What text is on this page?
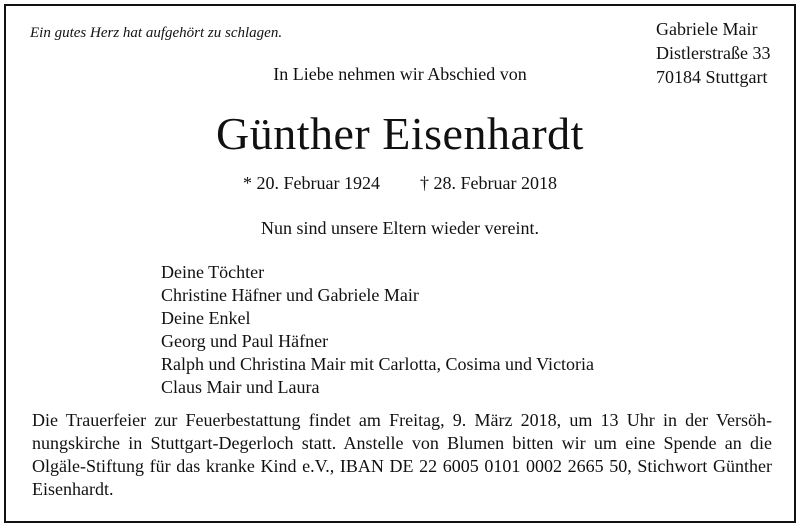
Ein gutes Herz hat aufgehört zu schlagen.	Gabriele Mair
Distlerstraße 33
70184 Stuttgart
In Liebe nehmen wir Abschied von
Günther Eisenhardt
* 20. Februar 1924 † 28. Februar 2018
Nun sind unsere Eltern wieder vereint.
Deine Töchter
Christine Häfner und Gabriele Mair
Deine Enkel
Georg und Paul Häfner
Ralph und Christina Mair mit Carlotta, Cosima und Victoria
Claus Mair und Laura
Die Trauerfeier zur Feuerbestattung findet am Freitag, 9. März 2018, um 13 Uhr in der Versöh-
nungskirche in Stuttgart-Degerloch statt. Anstelle von Blumen bitten wir um eine Spende an die
Olgäle-Stiftung für das kranke Kind e.V., IBAN DE 22 6005 0101 0002 2665 50, Stichwort Günther
Eisenhardt.
